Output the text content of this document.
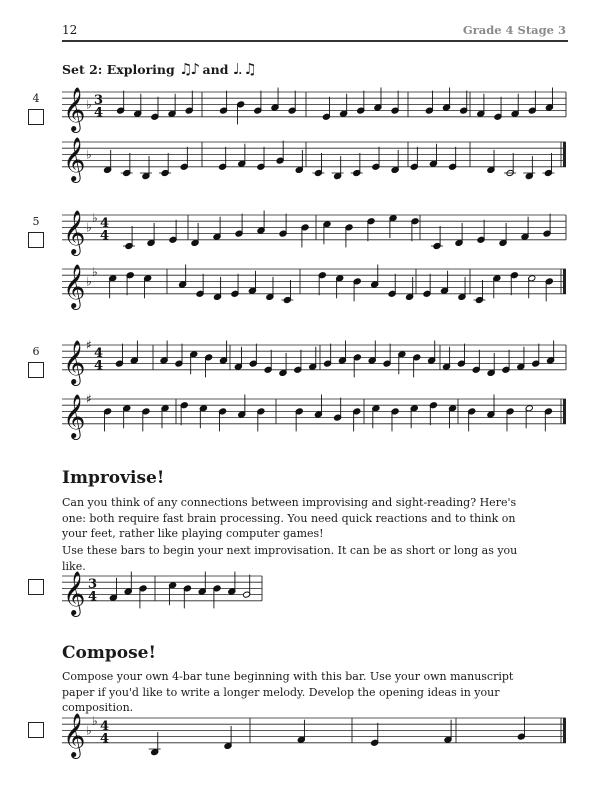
12	Grade 4 Stage 3
Set 2: Exploring ♫♪ and ♩. ♫
4
5
6
Improvise!
Can you think of any connections between improvising and sight-reading? Here's one: both require fast brain processing. You need quick reactions and to think on your feet, rather like playing computer games!
Use these bars to begin your next improvisation. It can be as short or long as you like.
Compose!
Compose your own 4-bar tune beginning with this bar. Use your own manuscript paper if you'd like to write a longer melody. Develop the opening ideas in your composition.
𝄞 ♭ 3
4
𝄞 ♭
𝄞 ♭
♭ 4
4
𝄞 ♭
♭
𝄞 ♯
4
4
𝄞 ♯
𝄞 3
4
𝄞 ♭
♭ 4
4
